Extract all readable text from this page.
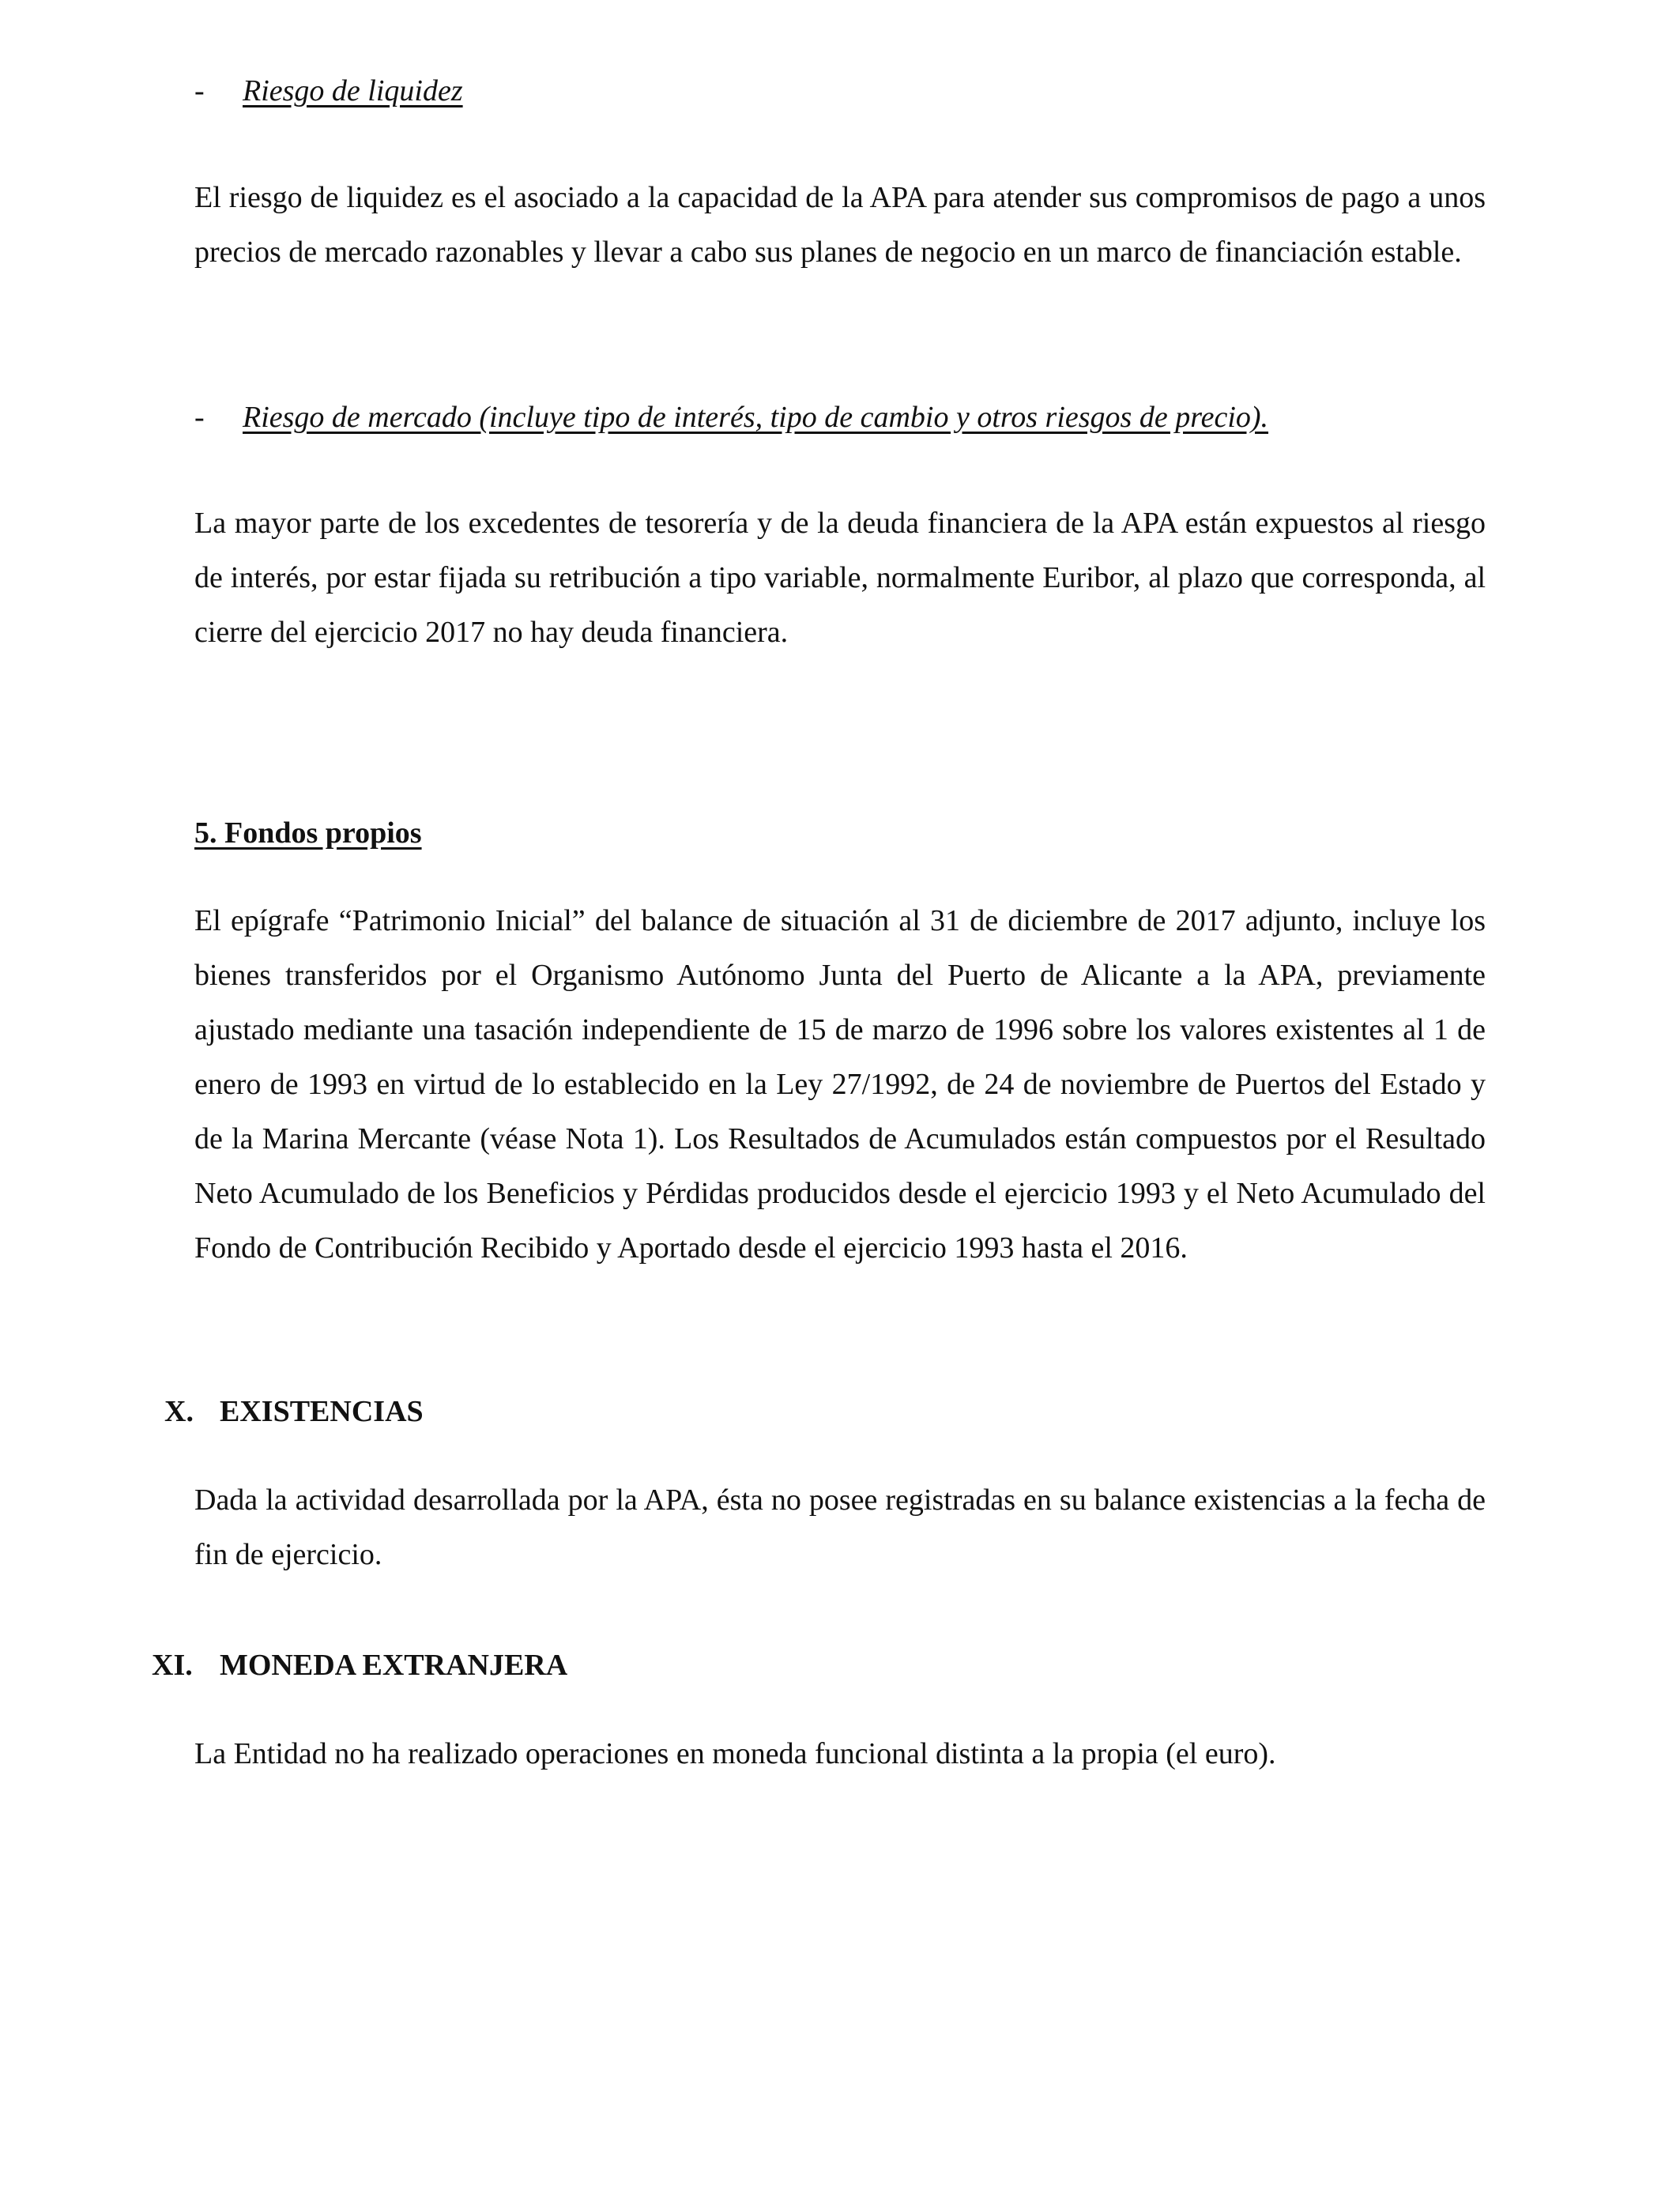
- Riesgo de liquidez
El riesgo de liquidez es el asociado a la capacidad de la APA para atender sus compromisos de pago a unos precios de mercado razonables y llevar a cabo sus planes de negocio en un marco de financiación estable.
- Riesgo de mercado (incluye tipo de interés, tipo de cambio y otros riesgos de precio).
La mayor parte de los excedentes de tesorería y de la deuda financiera de la APA están expuestos al riesgo de interés, por estar fijada su retribución a tipo variable, normalmente Euribor, al plazo que corresponda, al cierre del ejercicio 2017 no hay deuda financiera.
5. Fondos propios
El epígrafe “Patrimonio Inicial” del balance de situación al 31 de diciembre de 2017 adjunto, incluye los bienes transferidos por el Organismo Autónomo Junta del Puerto de Alicante a la APA, previamente ajustado mediante una tasación independiente de 15 de marzo de 1996 sobre los valores existentes al 1 de enero de 1993 en virtud de lo establecido en la Ley 27/1992, de 24 de noviembre de Puertos del Estado y de la Marina Mercante (véase Nota 1). Los Resultados de Acumulados están compuestos por el Resultado Neto Acumulado de los Beneficios y Pérdidas producidos desde el ejercicio 1993 y el Neto Acumulado del Fondo de Contribución Recibido y Aportado desde el ejercicio 1993 hasta el 2016.
X. EXISTENCIAS
Dada la actividad desarrollada por la APA, ésta no posee registradas en su balance existencias a la fecha de fin de ejercicio.
XI. MONEDA EXTRANJERA
La Entidad no ha realizado operaciones en moneda funcional distinta a la propia (el euro).
